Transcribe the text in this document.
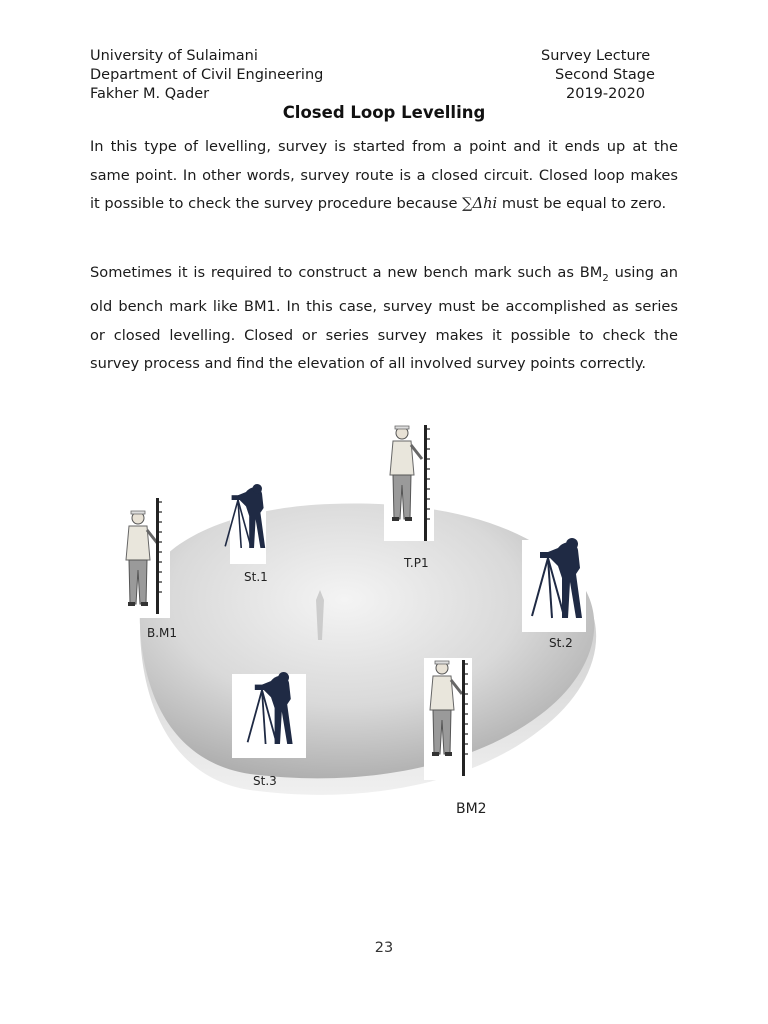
University of Sulaimani
Department of Civil Engineering
Fakher M. Qader
Survey Lecture
Second Stage
2019-2020
Closed Loop Levelling
In this type of levelling, survey is started from a point and it ends up at the same point. In other words, survey route is a closed circuit. Closed loop makes it possible to check the survey procedure because ∑Δhi must be equal to zero.
Sometimes it is required to construct a new bench mark such as $BM_2$ using an old bench mark like BM1. In this case, survey must be accomplished as series or closed levelling. Closed or series survey makes it possible to check the survey process and find the elevation of all involved survey points correctly.
B.M1
St.1
T.P1
St.2
St.3
BM2
23
